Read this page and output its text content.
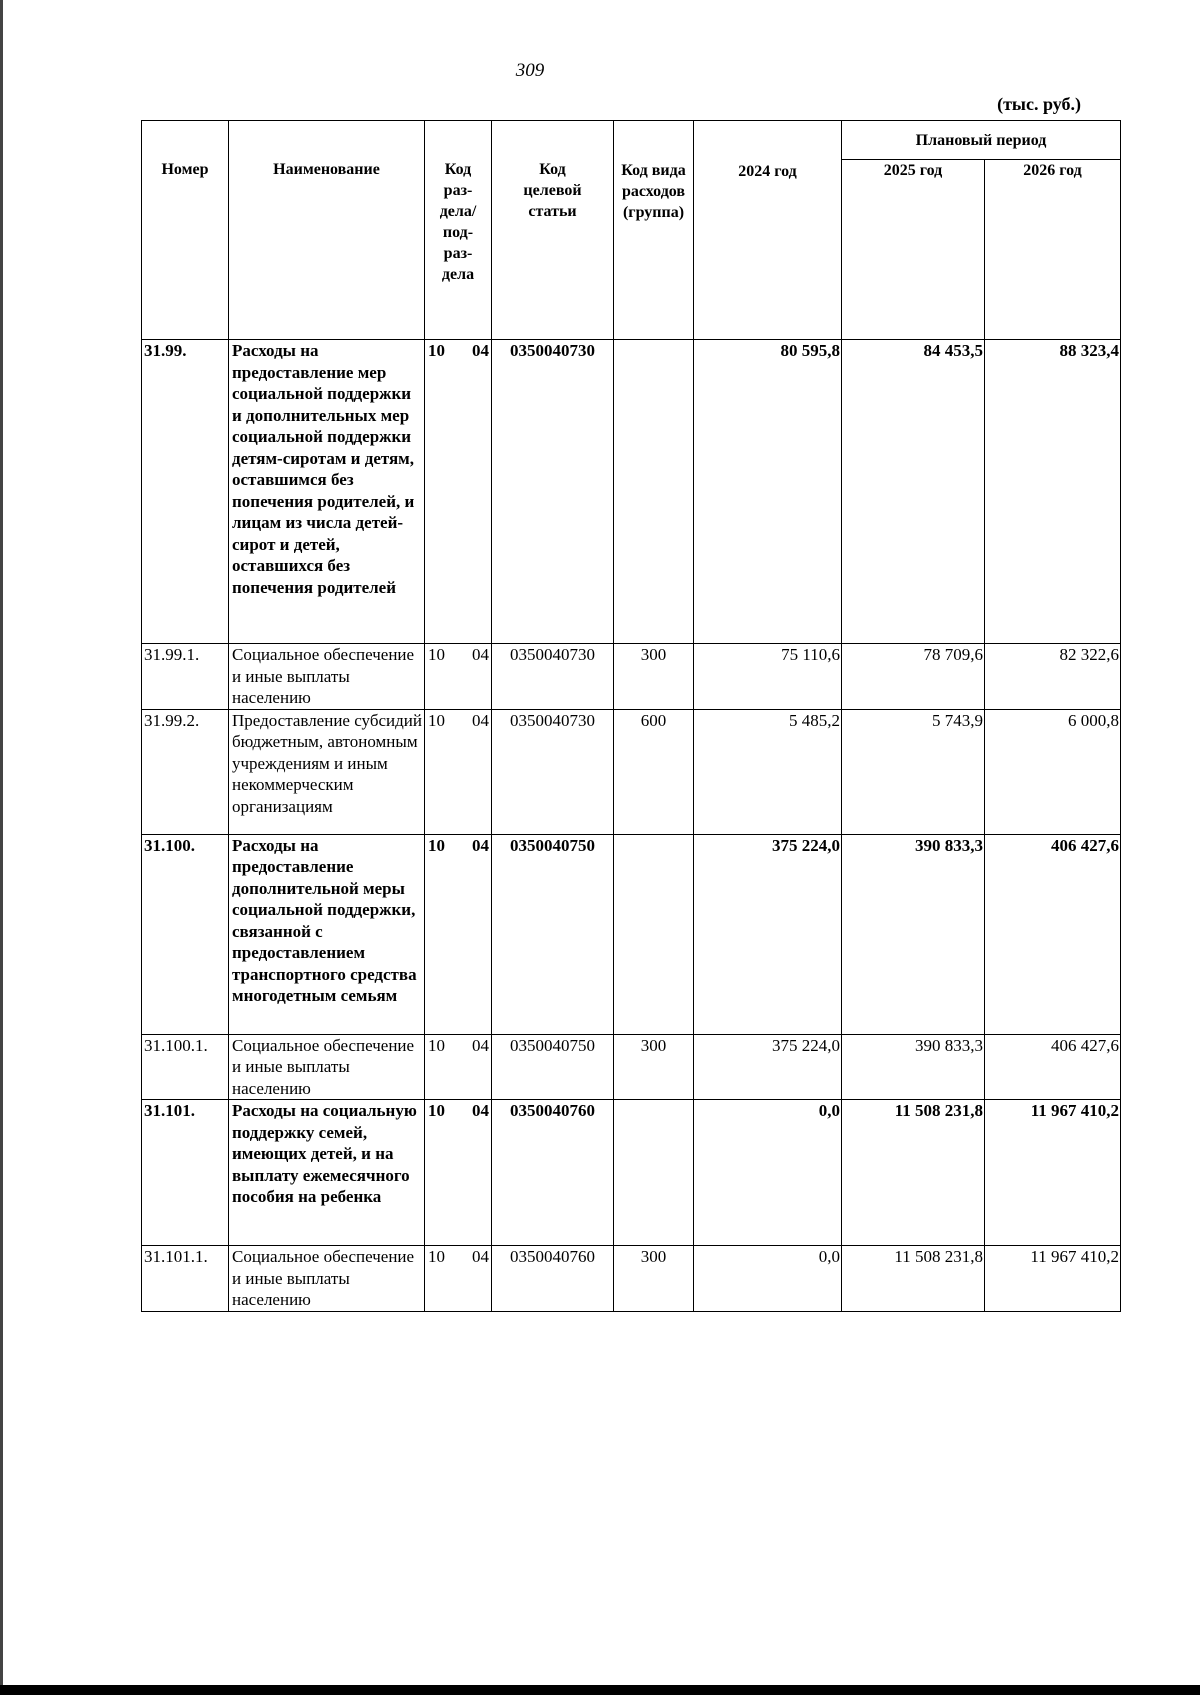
309
(тыс. руб.)
Номер	Наименование	Код раз-дела/ под-раз-дела	Код целевой статьи	Код вида расходов (группа)	2024 год	Плановый период	
						2025 год	2026 год
31.99.	Расходы на предоставление мер социальной поддержки и дополнительных мер социальной поддержки детям-сиротам и детям, оставшимся без попечения родителей, и лицам из числа детей-сирот и детей, оставшихся без попечения родителей	10 04	0350040730		80 595,8	84 453,5	88 323,4
31.99.1.	Социальное обеспечение и иные выплаты населению	10 04	0350040730	300	75 110,6	78 709,6	82 322,6
31.99.2.	Предоставление субсидий бюджетным, автономным учреждениям и иным некоммерческим организациям	10 04	0350040730	600	5 485,2	5 743,9	6 000,8
31.100.	Расходы на предоставление дополнительной меры социальной поддержки, связанной с предоставлением транспортного средства многодетным семьям	10 04	0350040750		375 224,0	390 833,3	406 427,6
31.100.1.	Социальное обеспечение и иные выплаты населению	10 04	0350040750	300	375 224,0	390 833,3	406 427,6
31.101.	Расходы на социальную поддержку семей, имеющих детей, и на выплату ежемесячного пособия на ребенка	10 04	0350040760		0,0	11 508 231,8	11 967 410,2
31.101.1.	Социальное обеспечение и иные выплаты населению	10 04	0350040760	300	0,0	11 508 231,8	11 967 410,2
